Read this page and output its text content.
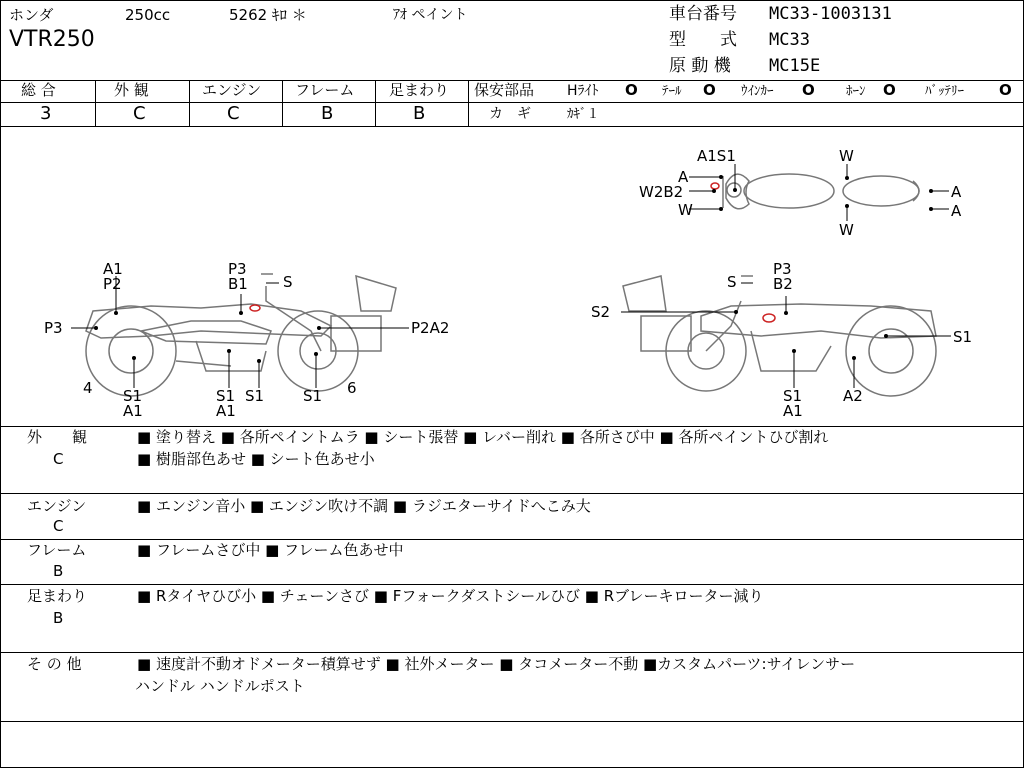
ホンダ	250cc	5262 ｷﾛ ＊	ｱｵ ペイント
VTR250
車台番号 MC33-1003131
型　　式 MC33
原 動 機 MC15E
総 合	外 観	エンジン フレーム 足まわり
3	C	C	B	B
保安部品 Hﾗｲﾄ O ﾃｰﾙ O ｳｲﾝｶｰ O ﾎｰﾝ O ﾊﾞｯﾃﾘｰ O
カ　ギ	ｶｷﾞ１
A1S1
A
W2B2
W
W
W
A
A
A1
P2
P3
4 S1
A1
P3
B1 S
P2A2
S1
A1
S1	S1 6
S2
S
P3
B2
S1
S1
A1
A2
外　　観
C
■ 塗り替え ■ 各所ペイントムラ ■ シート張替 ■ レバー削れ ■ 各所さび中 ■ 各所ペイントひび割れ
■ 樹脂部色あせ ■ シート色あせ小
エンジン
C
■ エンジン音小 ■ エンジン吹け不調 ■ ラジエターサイドへこみ大
フレーム
B
■ フレームさび中 ■ フレーム色あせ中
足まわり
B
■ Rタイヤひび小 ■ チェーンさび ■ Fフォークダストシールひび ■ Rブレーキローター減り
そ の 他	■ 速度計不動オドメーター積算せず ■ 社外メーター ■ タコメーター不動 ■カスタムパーツ:サイレンサー
ハンドル ハンドルポスト
